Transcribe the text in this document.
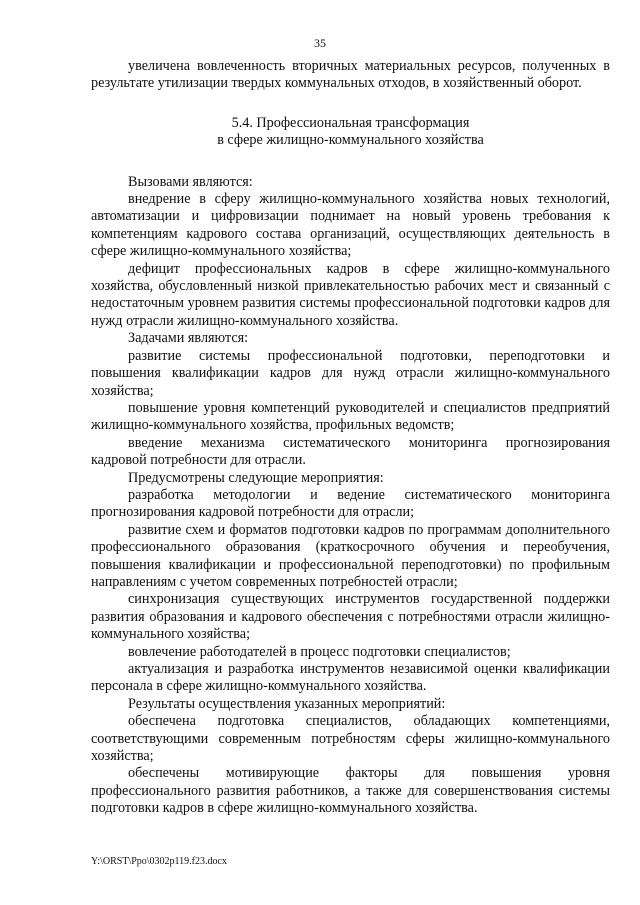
35

увеличена вовлеченность вторичных материальных ресурсов, полученных в результате утилизации твердых коммунальных отходов, в хозяйственный оборот.

5.4. Профессиональная трансформация
в сфере жилищно-коммунального хозяйства

Вызовами являются:

внедрение в сферу жилищно-коммунального хозяйства новых технологий, автоматизации и цифровизации поднимает на новый уровень требования к компетенциям кадрового состава организаций, осуществляющих деятельность в сфере жилищно-коммунального хозяйства;

дефицит профессиональных кадров в сфере жилищно-коммунального хозяйства, обусловленный низкой привлекательностью рабочих мест и связанный с недостаточным уровнем развития системы профессиональной подготовки кадров для нужд отрасли жилищно-коммунального хозяйства.

Задачами являются:

развитие системы профессиональной подготовки, переподготовки и повышения квалификации кадров для нужд отрасли жилищно-коммунального хозяйства;

повышение уровня компетенций руководителей и специалистов предприятий жилищно-коммунального хозяйства, профильных ведомств;

введение механизма систематического мониторинга прогнозирования кадровой потребности для отрасли.

Предусмотрены следующие мероприятия:

разработка методологии и ведение систематического мониторинга прогнозирования кадровой потребности для отрасли;

развитие схем и форматов подготовки кадров по программам дополнительного профессионального образования (краткосрочного обучения и переобучения, повышения квалификации и профессиональной переподготовки) по профильным направлениям с учетом современных потребностей отрасли;

синхронизация существующих инструментов государственной поддержки развития образования и кадрового обеспечения с потребностями отрасли жилищно-коммунального хозяйства;

вовлечение работодателей в процесс подготовки специалистов;

актуализация и разработка инструментов независимой оценки квалификации персонала в сфере жилищно-коммунального хозяйства.

Результаты осуществления указанных мероприятий:

обеспечена подготовка специалистов, обладающих компетенциями, соответствующими современным потребностям сферы жилищно-коммунального хозяйства;

обеспечены мотивирующие факторы для повышения уровня профессионального развития работников, а также для совершенствования системы подготовки кадров в сфере жилищно-коммунального хозяйства.

Y:\ORST\Ppo\0302p119.f23.docx
